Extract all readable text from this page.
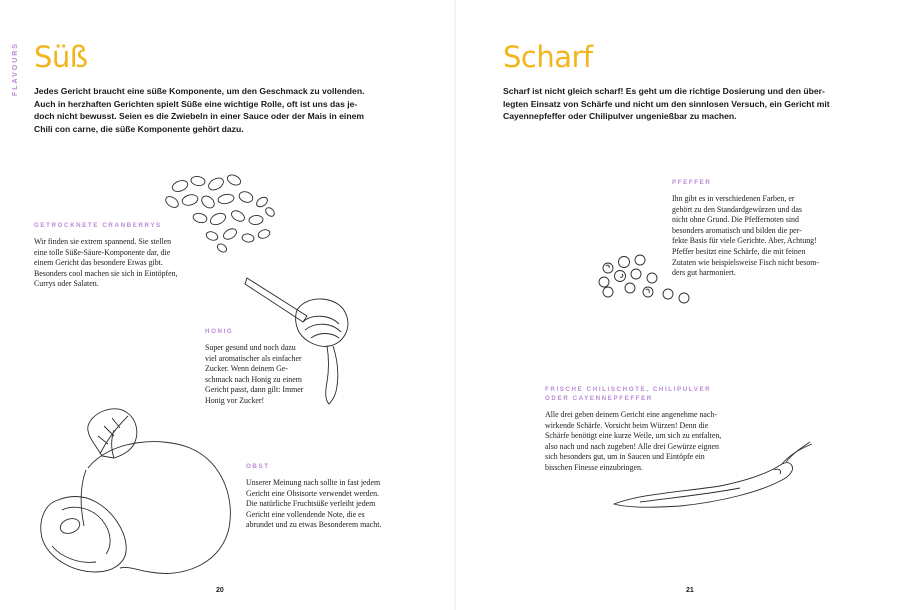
FLAVOURS Süß
Jedes Gericht braucht eine süße Komponente, um den Geschmack zu vollenden.
Auch in herzhaften Gerichten spielt Süße eine wichtige Rolle, oft ist uns das je-
doch nicht bewusst. Seien es die Zwiebeln in einer Sauce oder der Mais in einem
Chili con carne, die süße Komponente gehört dazu.
GETROCKNETE CRANBERRYS
Wir finden sie extrem spannend. Sie stellen
eine tolle Süße-Säure-Komponente dar, die
einem Gericht das besondere Etwas gibt.
Besonders cool machen sie sich in Eintöpfen,
Currys oder Salaten.
HONIG
Super gesund und noch dazu
viel aromatischer als einfacher
Zucker. Wenn deinem Ge-
schmack nach Honig zu einem
Gericht passt, dann gilt: Immer
Honig vor Zucker!
OBST
Unserer Meinung nach sollte in fast jedem
Gericht eine Obstsorte verwendet werden.
Die natürliche Fruchtsüße verleiht jedem
Gericht eine vollendende Note, die es
abrundet und zu etwas Besonderem macht.
20
Scharf
Scharf ist nicht gleich scharf! Es geht um die richtige Dosierung und den über-
legten Einsatz von Schärfe und nicht um den sinnlosen Versuch, ein Gericht mit
Cayennepfeffer oder Chilipulver ungenießbar zu machen.
PFEFFER
Ihn gibt es in verschiedenen Farben, er
gehört zu den Standardgewürzen und das
nicht ohne Grund. Die Pfeffernoten sind
besonders aromatisch und bilden die per-
fekte Basis für viele Gerichte. Aber, Achtung!
Pfeffer besitzt eine Schärfe, die mit feinen
Zutaten wie beispielsweise Fisch nicht besom-
ders gut harmoniert.
FRISCHE CHILISCHOTE, CHILIPULVER
ODER CAYENNEPFEFFER
Alle drei geben deinem Gericht eine angenehme nach-
wirkende Schärfe. Vorsicht beim Würzen! Denn die
Schärfe benötigt eine kurze Weile, um sich zu entfalten,
also nach und nach zugeben! Alle drei Gewürze eignen
sich besonders gut, um in Saucen und Eintöpfe ein
bisschen Finesse einzubringen.
21
